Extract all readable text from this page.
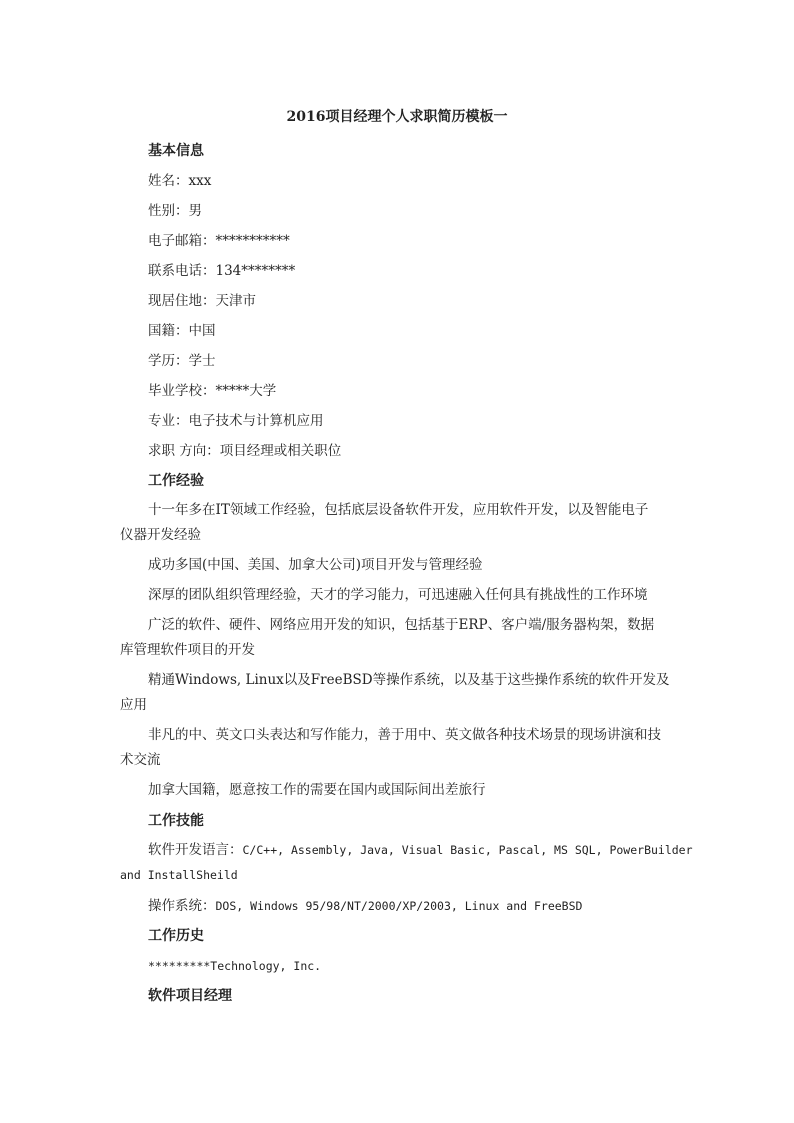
2016项目经理个人求职简历模板一
基本信息
姓名：xxx
性别：男
电子邮箱：***********
联系电话：134********
现居住地：天津市
国籍：中国
学历：学士
毕业学校：*****大学
专业：电子技术与计算机应用
求职 方向：项目经理或相关职位
工作经验
十一年多在IT领域工作经验，包括底层设备软件开发，应用软件开发，以及智能电子
仪器开发经验
成功多国(中国、美国、加拿大公司)项目开发与管理经验
深厚的团队组织管理经验，天才的学习能力，可迅速融入任何具有挑战性的工作环境
广泛的软件、硬件、网络应用开发的知识，包括基于ERP、客户端/服务器构架，数据
库管理软件项目的开发
精通Windows, Linux以及FreeBSD等操作系统，以及基于这些操作系统的软件开发及
应用
非凡的中、英文口头表达和写作能力，善于用中、英文做各种技术场景的现场讲演和技
术交流
加拿大国籍，愿意按工作的需要在国内或国际间出差旅行
工作技能
软件开发语言：C/C++, Assembly, Java, Visual Basic, Pascal, MS SQL, PowerBuilder
and InstallSheild
操作系统：DOS, Windows 95/98/NT/2000/XP/2003, Linux and FreeBSD
工作历史
*********Technology, Inc.
软件项目经理
